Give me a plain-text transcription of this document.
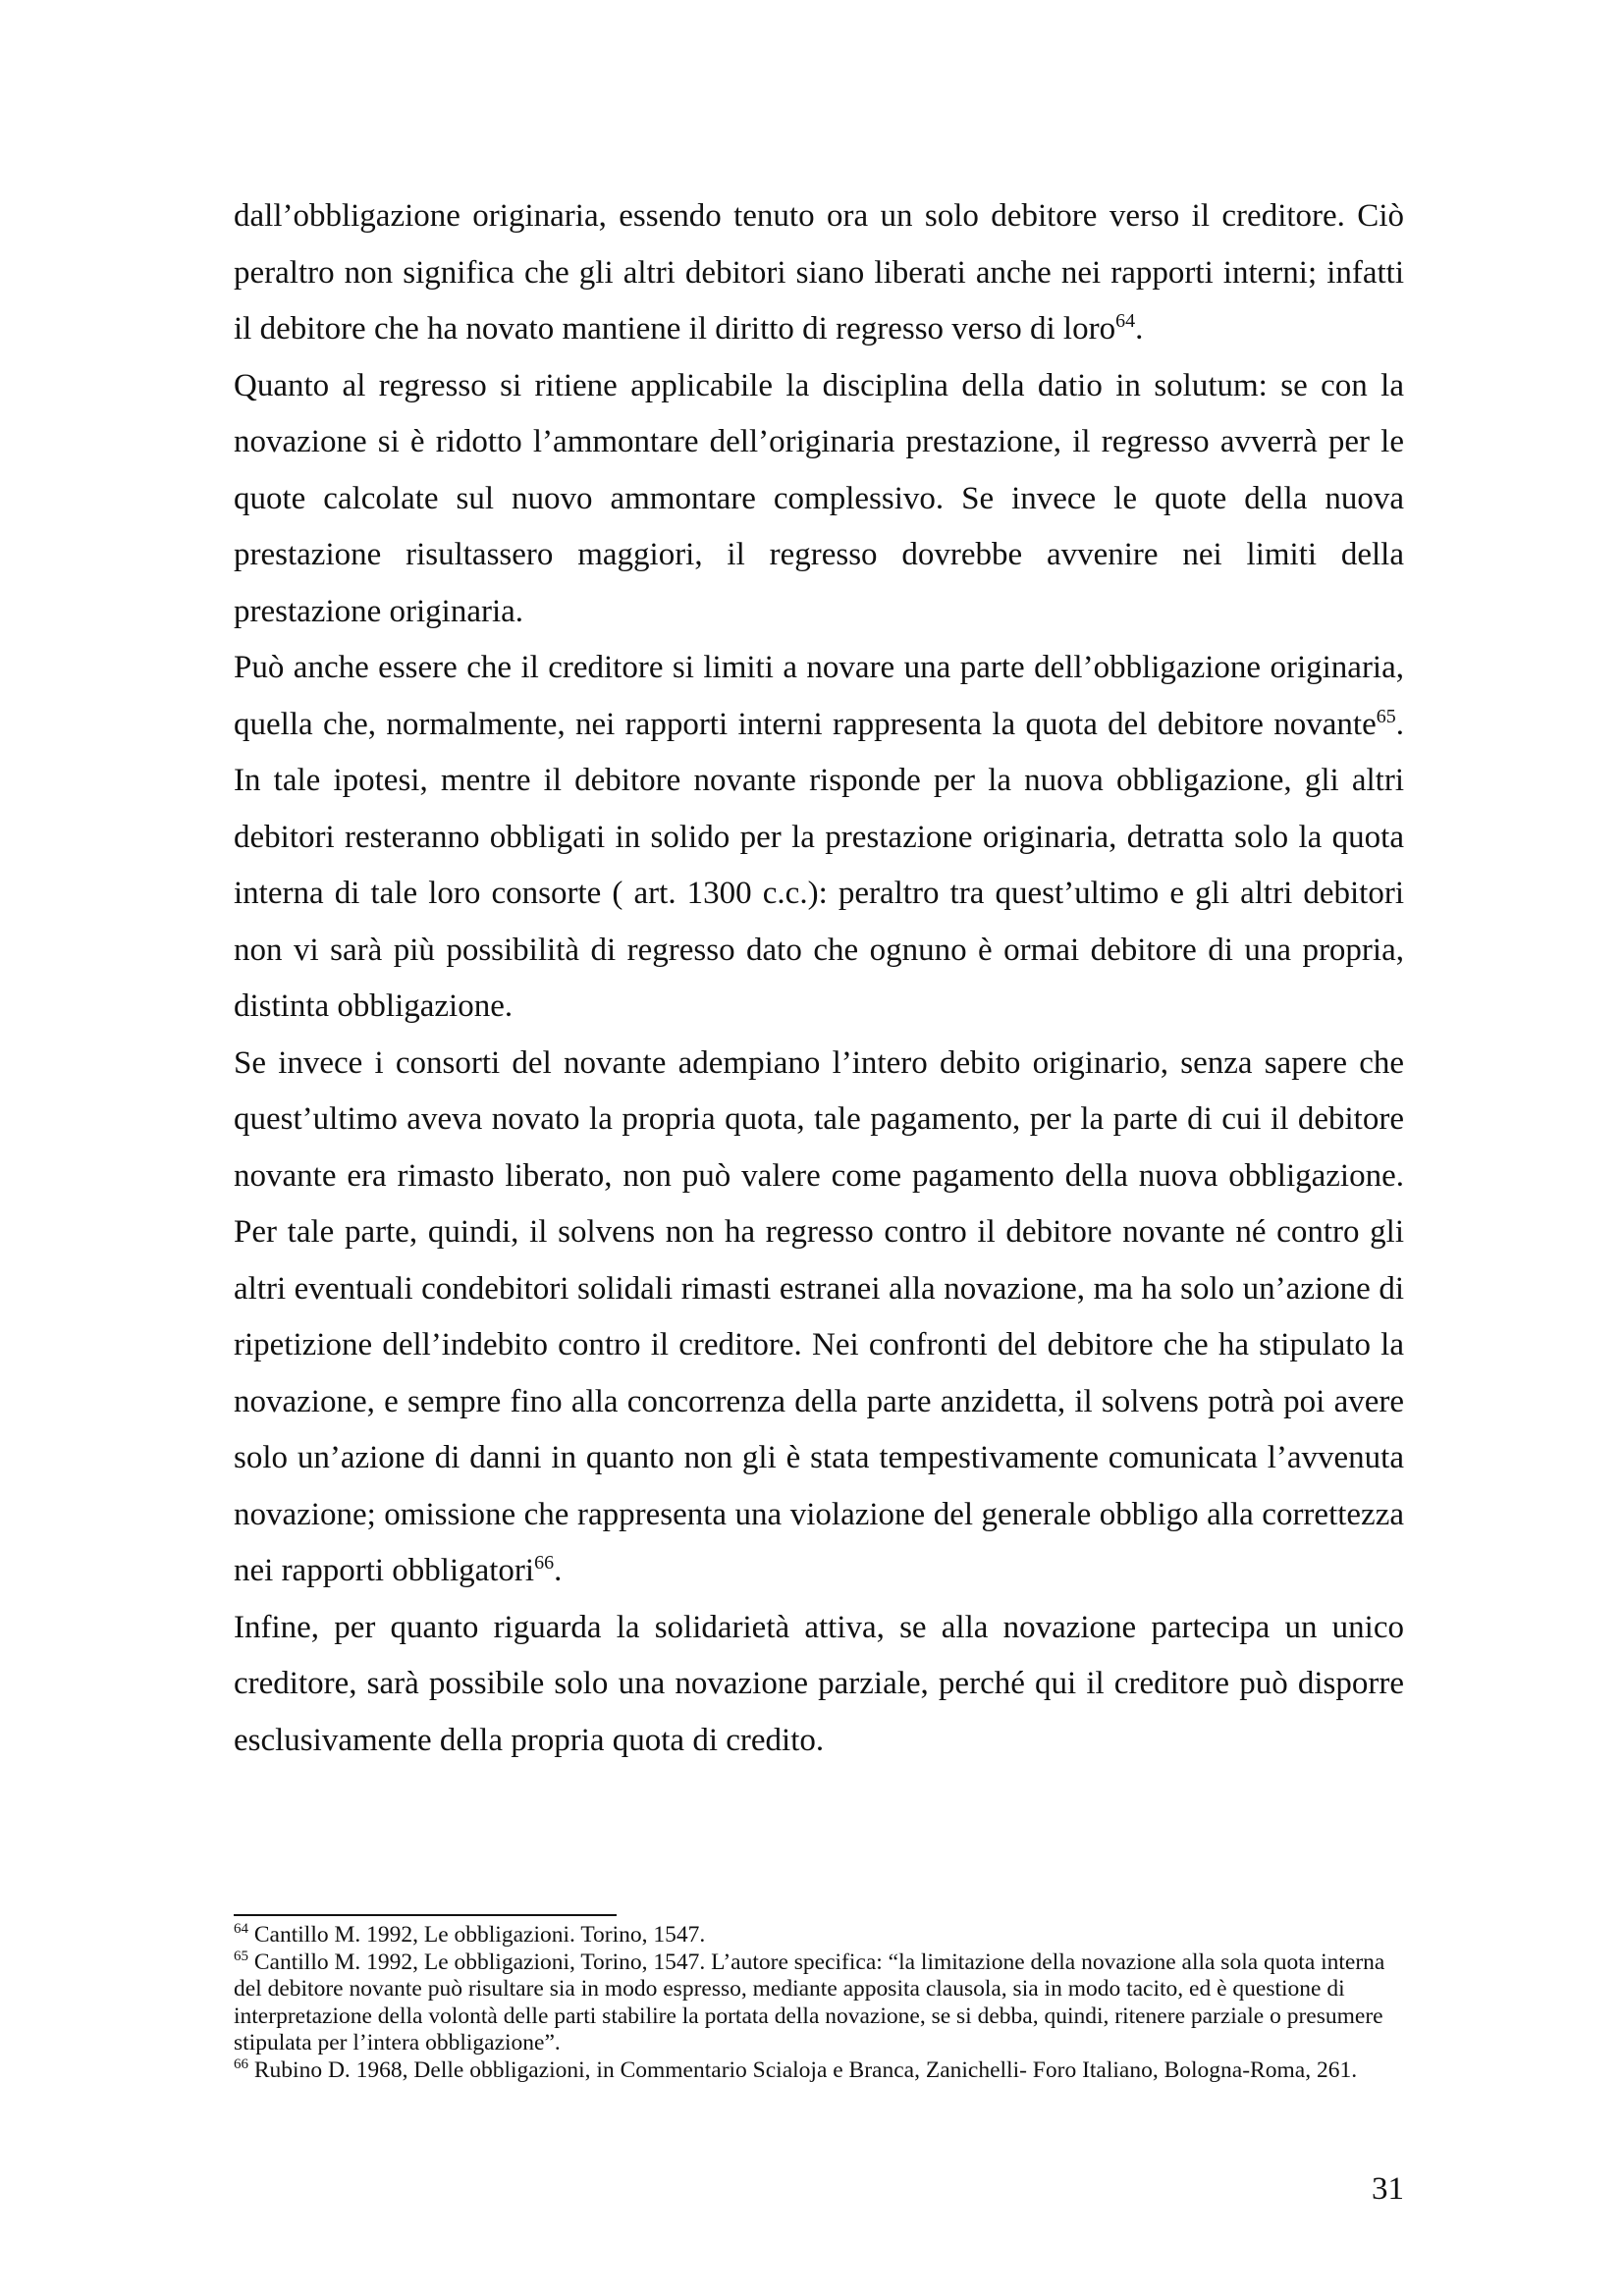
dall’obbligazione originaria, essendo tenuto ora un solo debitore verso il creditore. Ciò peraltro non significa che gli altri debitori siano liberati anche nei rapporti interni; infatti il debitore che ha novato mantiene il diritto di regresso verso di loro$^{64}$.

Quanto al regresso si ritiene applicabile la disciplina della datio in solutum: se con la novazione si è ridotto l’ammontare dell’originaria prestazione, il regresso avverrà per le quote calcolate sul nuovo ammontare complessivo. Se invece le quote della nuova prestazione risultassero maggiori, il regresso dovrebbe avvenire nei limiti della prestazione originaria.

Può anche essere che il creditore si limiti a novare una parte dell’obbligazione originaria, quella che, normalmente, nei rapporti interni rappresenta la quota del debitore novante$^{65}$. In tale ipotesi, mentre il debitore novante risponde per la nuova obbligazione, gli altri debitori resteranno obbligati in solido per la prestazione originaria, detratta solo la quota interna di tale loro consorte ( art. 1300 c.c.): peraltro tra quest’ultimo e gli altri debitori non vi sarà più possibilità di regresso dato che ognuno è ormai debitore di una propria, distinta obbligazione.

Se invece i consorti del novante adempiano l’intero debito originario, senza sapere che quest’ultimo aveva novato la propria quota, tale pagamento, per la parte di cui il debitore novante era rimasto liberato, non può valere come pagamento della nuova obbligazione. Per tale parte, quindi, il solvens non ha regresso contro il debitore novante né contro gli altri eventuali condebitori solidali rimasti estranei alla novazione, ma ha solo un’azione di ripetizione dell’indebito contro il creditore. Nei confronti del debitore che ha stipulato la novazione, e sempre fino alla concorrenza della parte anzidetta, il solvens potrà poi avere solo un’azione di danni in quanto non gli è stata tempestivamente comunicata l’avvenuta novazione; omissione che rappresenta una violazione del generale obbligo alla correttezza nei rapporti obbligatori$^{66}$.

Infine, per quanto riguarda la solidarietà attiva, se alla novazione partecipa un unico creditore, sarà possibile solo una novazione parziale, perché qui il creditore può disporre esclusivamente della propria quota di credito.

$^{64}$ Cantillo M. 1992, Le obbligazioni. Torino, 1547.

$^{65}$ Cantillo M. 1992, Le obbligazioni, Torino, 1547. L’autore specifica: “la limitazione della novazione alla sola quota interna del debitore novante può risultare sia in modo espresso, mediante apposita clausola, sia in modo tacito, ed è questione di interpretazione della volontà delle parti stabilire la portata della novazione, se si debba, quindi, ritenere parziale o presumere stipulata per l’intera obbligazione”.

$^{66}$ Rubino D. 1968, Delle obbligazioni, in Commentario Scialoja e Branca, Zanichelli- Foro Italiano, Bologna-Roma, 261.

31
